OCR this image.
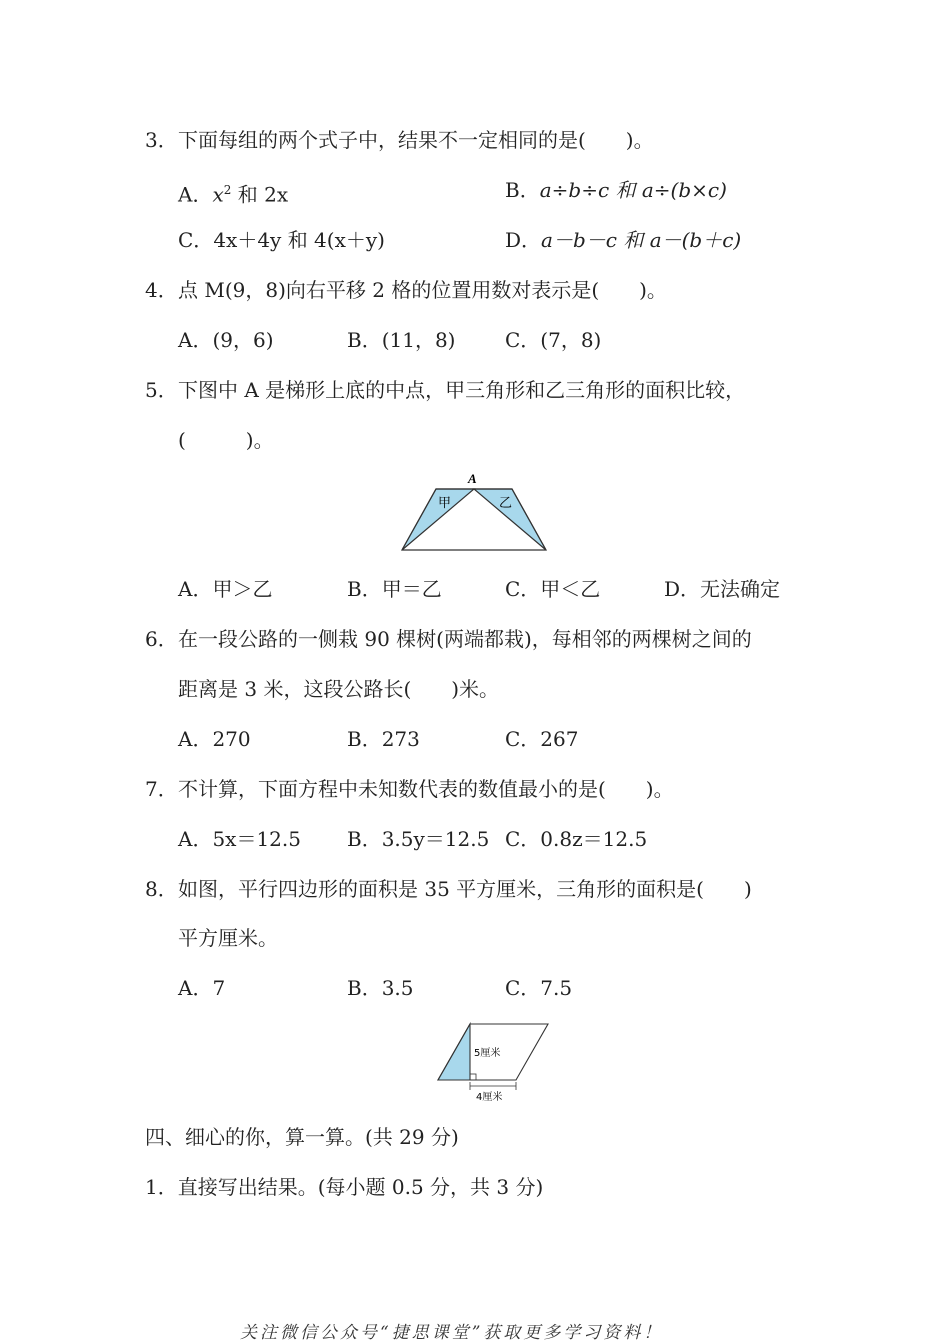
3． 下面每组的两个式子中，结果不一定相同的是(　　)。
A．$x^2$ 和 2x	B．a÷b÷c 和 a÷(b×c)
C．4x＋4y 和 4(x＋y)	D．a－b－c 和 a－(b＋c)
4． 点 M(9，8)向右平移 2 格的位置用数对表示是(　　)。
A．(9，6)	B．(11，8) C．(7，8)
5． 下图中 A 是梯形上底的中点，甲三角形和乙三角形的面积比较，
(　　　)。
A
甲	乙
A．甲＞乙	B．甲＝乙	C．甲＜乙	D．无法确定
6． 在一段公路的一侧栽 90 棵树(两端都栽)，每相邻的两棵树之间的
距离是 3 米，这段公路长(　　)米。
A．270	B．273	C．267
7． 不计算，下面方程中未知数代表的数值最小的是(　　)。
A．5x＝12.5 B．3.5y＝12.5 C．0.8z＝12.5
8． 如图，平行四边形的面积是 35 平方厘米，三角形的面积是(　　)
平方厘米。
A．7	B．3.5	C．7.5
5厘米
4厘米
四、细心的你，算一算。(共 29 分)
1．直接写出结果。(每小题 0.5 分，共 3 分)
关注微信公众号“捷思课堂”获取更多学习资料！
